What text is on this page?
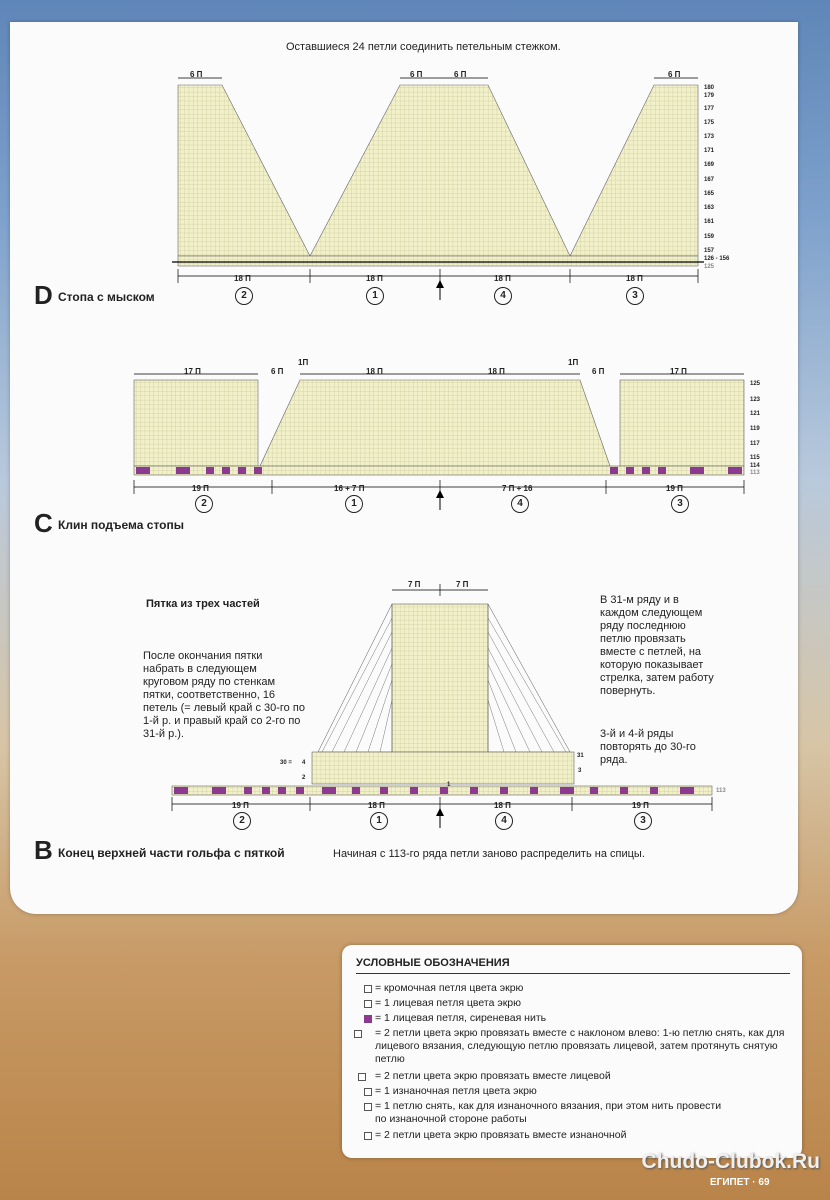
Оставшиеся 24 петли соединить петельным стежком.
6 П	6 П	6 П	6 П
18 П	18 П	18 П	18 П
2	1	4	3
D Стопа с мыском
180
179
177
175
173
171
169
167
165
163
161
159
157
126 - 156
125
17 П	6 П
1П
18 П	18 П
1П
6 П	17 П
19 П	16 + 7 П	7 П + 16	19 П
2	1	4	3
C Клин подъема стопы
125
123
121
119
117
115
114
113
7 П	7 П
Пятка из трех частей
После окончания пятки набрать в следующем круговом ряду по стенкам пятки, соответственно, 16 петель (= левый край с 30-го по 1-й р. и правый край со 2-го по 31-й р.).
В 31-м ряду и в каждом следующем ряду последнюю петлю провязать вместе с петлей, на которую показывает стрелка, затем работу повернуть.
3-й и 4-й ряды повторять до 30-го ряда.
30 = 4
2
1
31
3
113
19 П	18 П	18 П	19 П
2	1	4	3
B Конец верхней части гольфа с пяткой	Начиная с 113-го ряда петли заново распределить на спицы.
УСЛОВНЫЕ ОБОЗНАЧЕНИЯ
= кромочная петля цвета экрю
= 1 лицевая петля цвета экрю
= 1 лицевая петля, сиреневая нить
= 2 петли цвета экрю провязать вместе с наклоном влево: 1-ю петлю снять, как для лицевого вязания, следующую петлю провязать лицевой, затем протянуть снятую петлю
= 2 петли цвета экрю провязать вместе лицевой
= 1 изнаночная петля цвета экрю
= 1 петлю снять, как для изнаночного вязания, при этом нить провести по изнаночной стороне работы
= 2 петли цвета экрю провязать вместе изнаночной
Chudo-Clubok.Ru
ЕГИПЕТ · 69
